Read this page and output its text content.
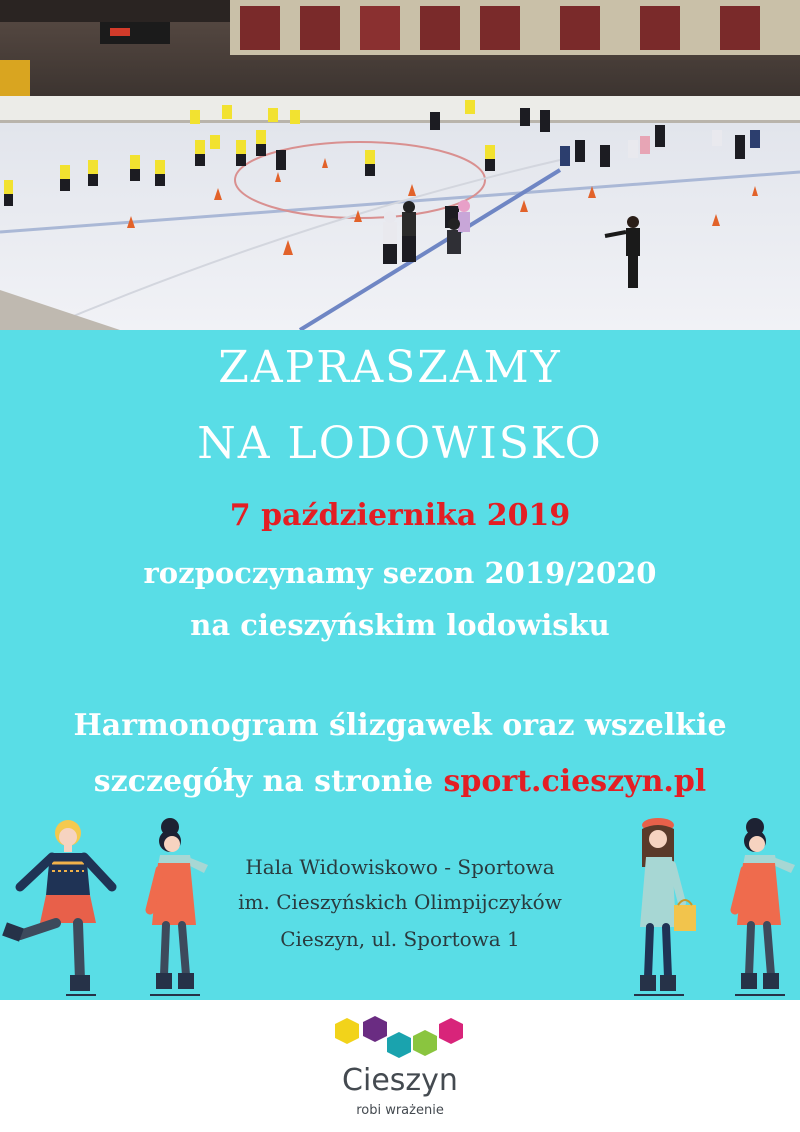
ZAPRASZAMY
NA LODOWISKO

7 października 2019

rozpoczynamy sezon 2019/2020

na cieszyńskim lodowisku

Harmonogram ślizgawek oraz wszelkie

szczegóły na stronie sport.cieszyn.pl

Hala Widowiskowo - Sportowa

im. Cieszyńskich Olimpijczyków

Cieszyn, ul. Sportowa 1

Cieszyn

robi wrażenie
